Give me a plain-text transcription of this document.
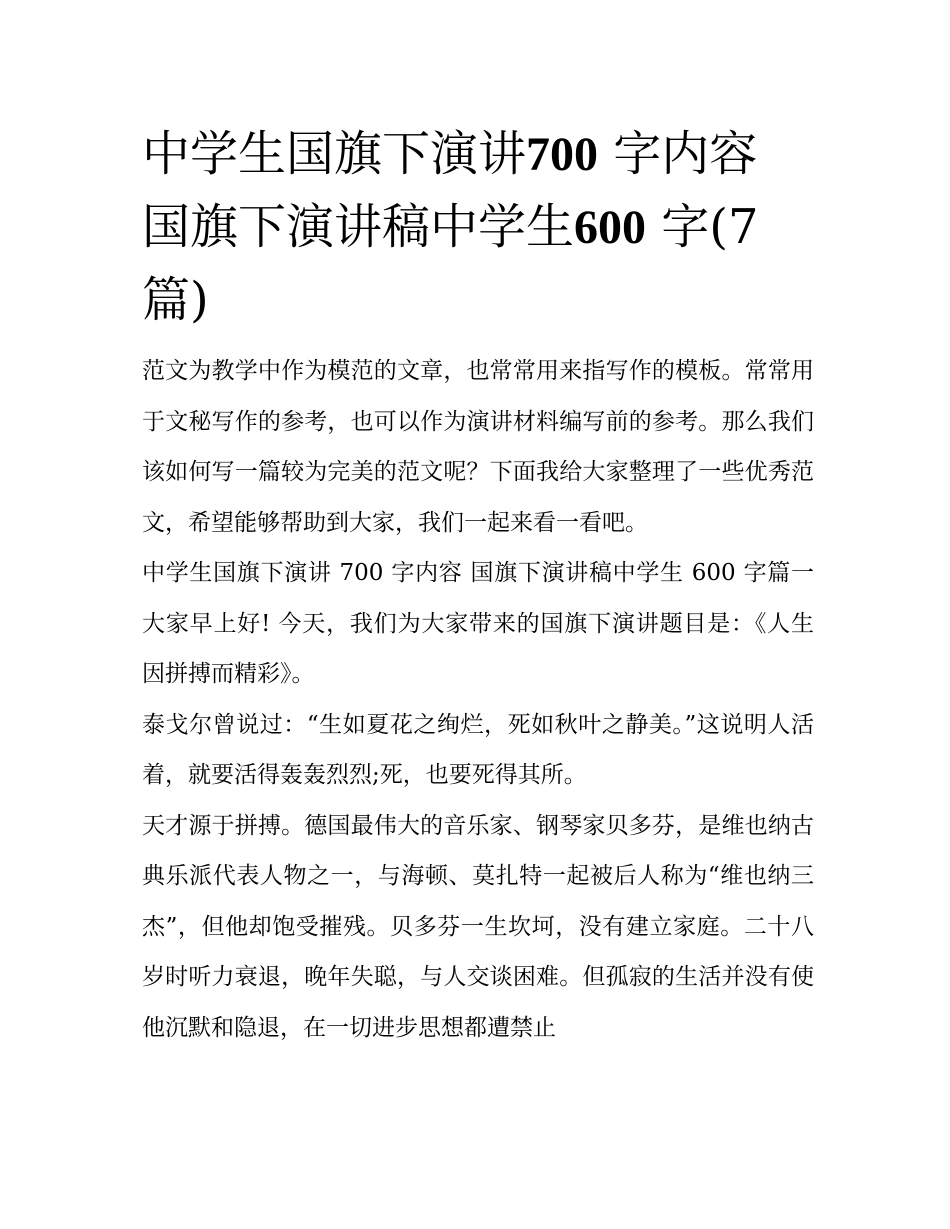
中学生国旗下演讲700 字内容
国旗下演讲稿中学生600 字(7
篇)

范文为教学中作为模范的文章，也常常用来指写作的模板。常常用于文秘写作的参考，也可以作为演讲材料编写前的参考。那么我们该如何写一篇较为完美的范文呢？下面我给大家整理了一些优秀范文，希望能够帮助到大家，我们一起来看一看吧。

中学生国旗下演讲 700 字内容 国旗下演讲稿中学生 600 字篇一 大家早上好! 今天，我们为大家带来的国旗下演讲题目是：《人生因拼搏而精彩》。

泰戈尔曾说过：“生如夏花之绚烂，死如秋叶之静美。”这说明人活着，就要活得轰轰烈烈;死，也要死得其所。

天才源于拼搏。德国最伟大的音乐家、钢琴家贝多芬，是维也纳古典乐派代表人物之一，与海顿、莫扎特一起被后人称为“维也纳三杰”，但他却饱受摧残。贝多芬一生坎坷，没有建立家庭。二十八岁时听力衰退，晚年失聪，与人交谈困难。但孤寂的生活并没有使他沉默和隐退，在一切进步思想都遭禁止
